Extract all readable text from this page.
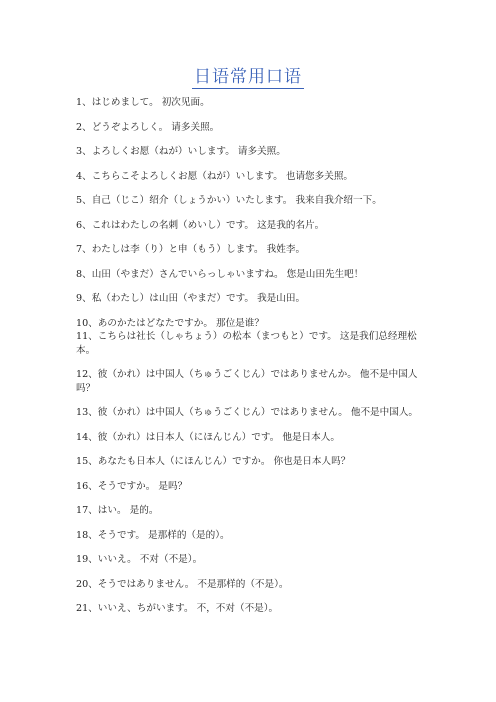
日语常用口语
1、はじめまして。 初次见面。
2、どうぞよろしく。 请多关照。
3、よろしくお愿（ねが）いします。 请多关照。
4、こちらこそよろしくお愿（ねが）いします。 也请您多关照。
5、自己（じこ）绍介（しょうかい）いたします。 我来自我介绍一下。
6、これはわたしの名刺（めいし）です。 这是我的名片。
7、わたしは李（り）と申（もう）します。 我姓李。
8、山田（やまだ）さんでいらっしゃいますね。 您是山田先生吧！
9、私（わたし）は山田（やまだ）です。 我是山田。
10、あのかたはどなたですか。 那位是谁？
11、こちらは社长（しゃちょう）の松本（まつもと）です。 这是我们总经理松本。
12、彼（かれ）は中国人（ちゅうごくじん）ではありませんか。 他不是中国人吗？
13、彼（かれ）は中国人（ちゅうごくじん）ではありません。 他不是中国人。
14、彼（かれ）は日本人（にほんじん）です。 他是日本人。
15、あなたも日本人（にほんじん）ですか。 你也是日本人吗？
16、そうですか。 是吗？
17、はい。 是的。
18、そうです。 是那样的（是的）。
19、いいえ。 不对（不是）。
20、そうではありません。 不是那样的（不是）。
21、いいえ、ちがいます。 不，不对（不是）。
